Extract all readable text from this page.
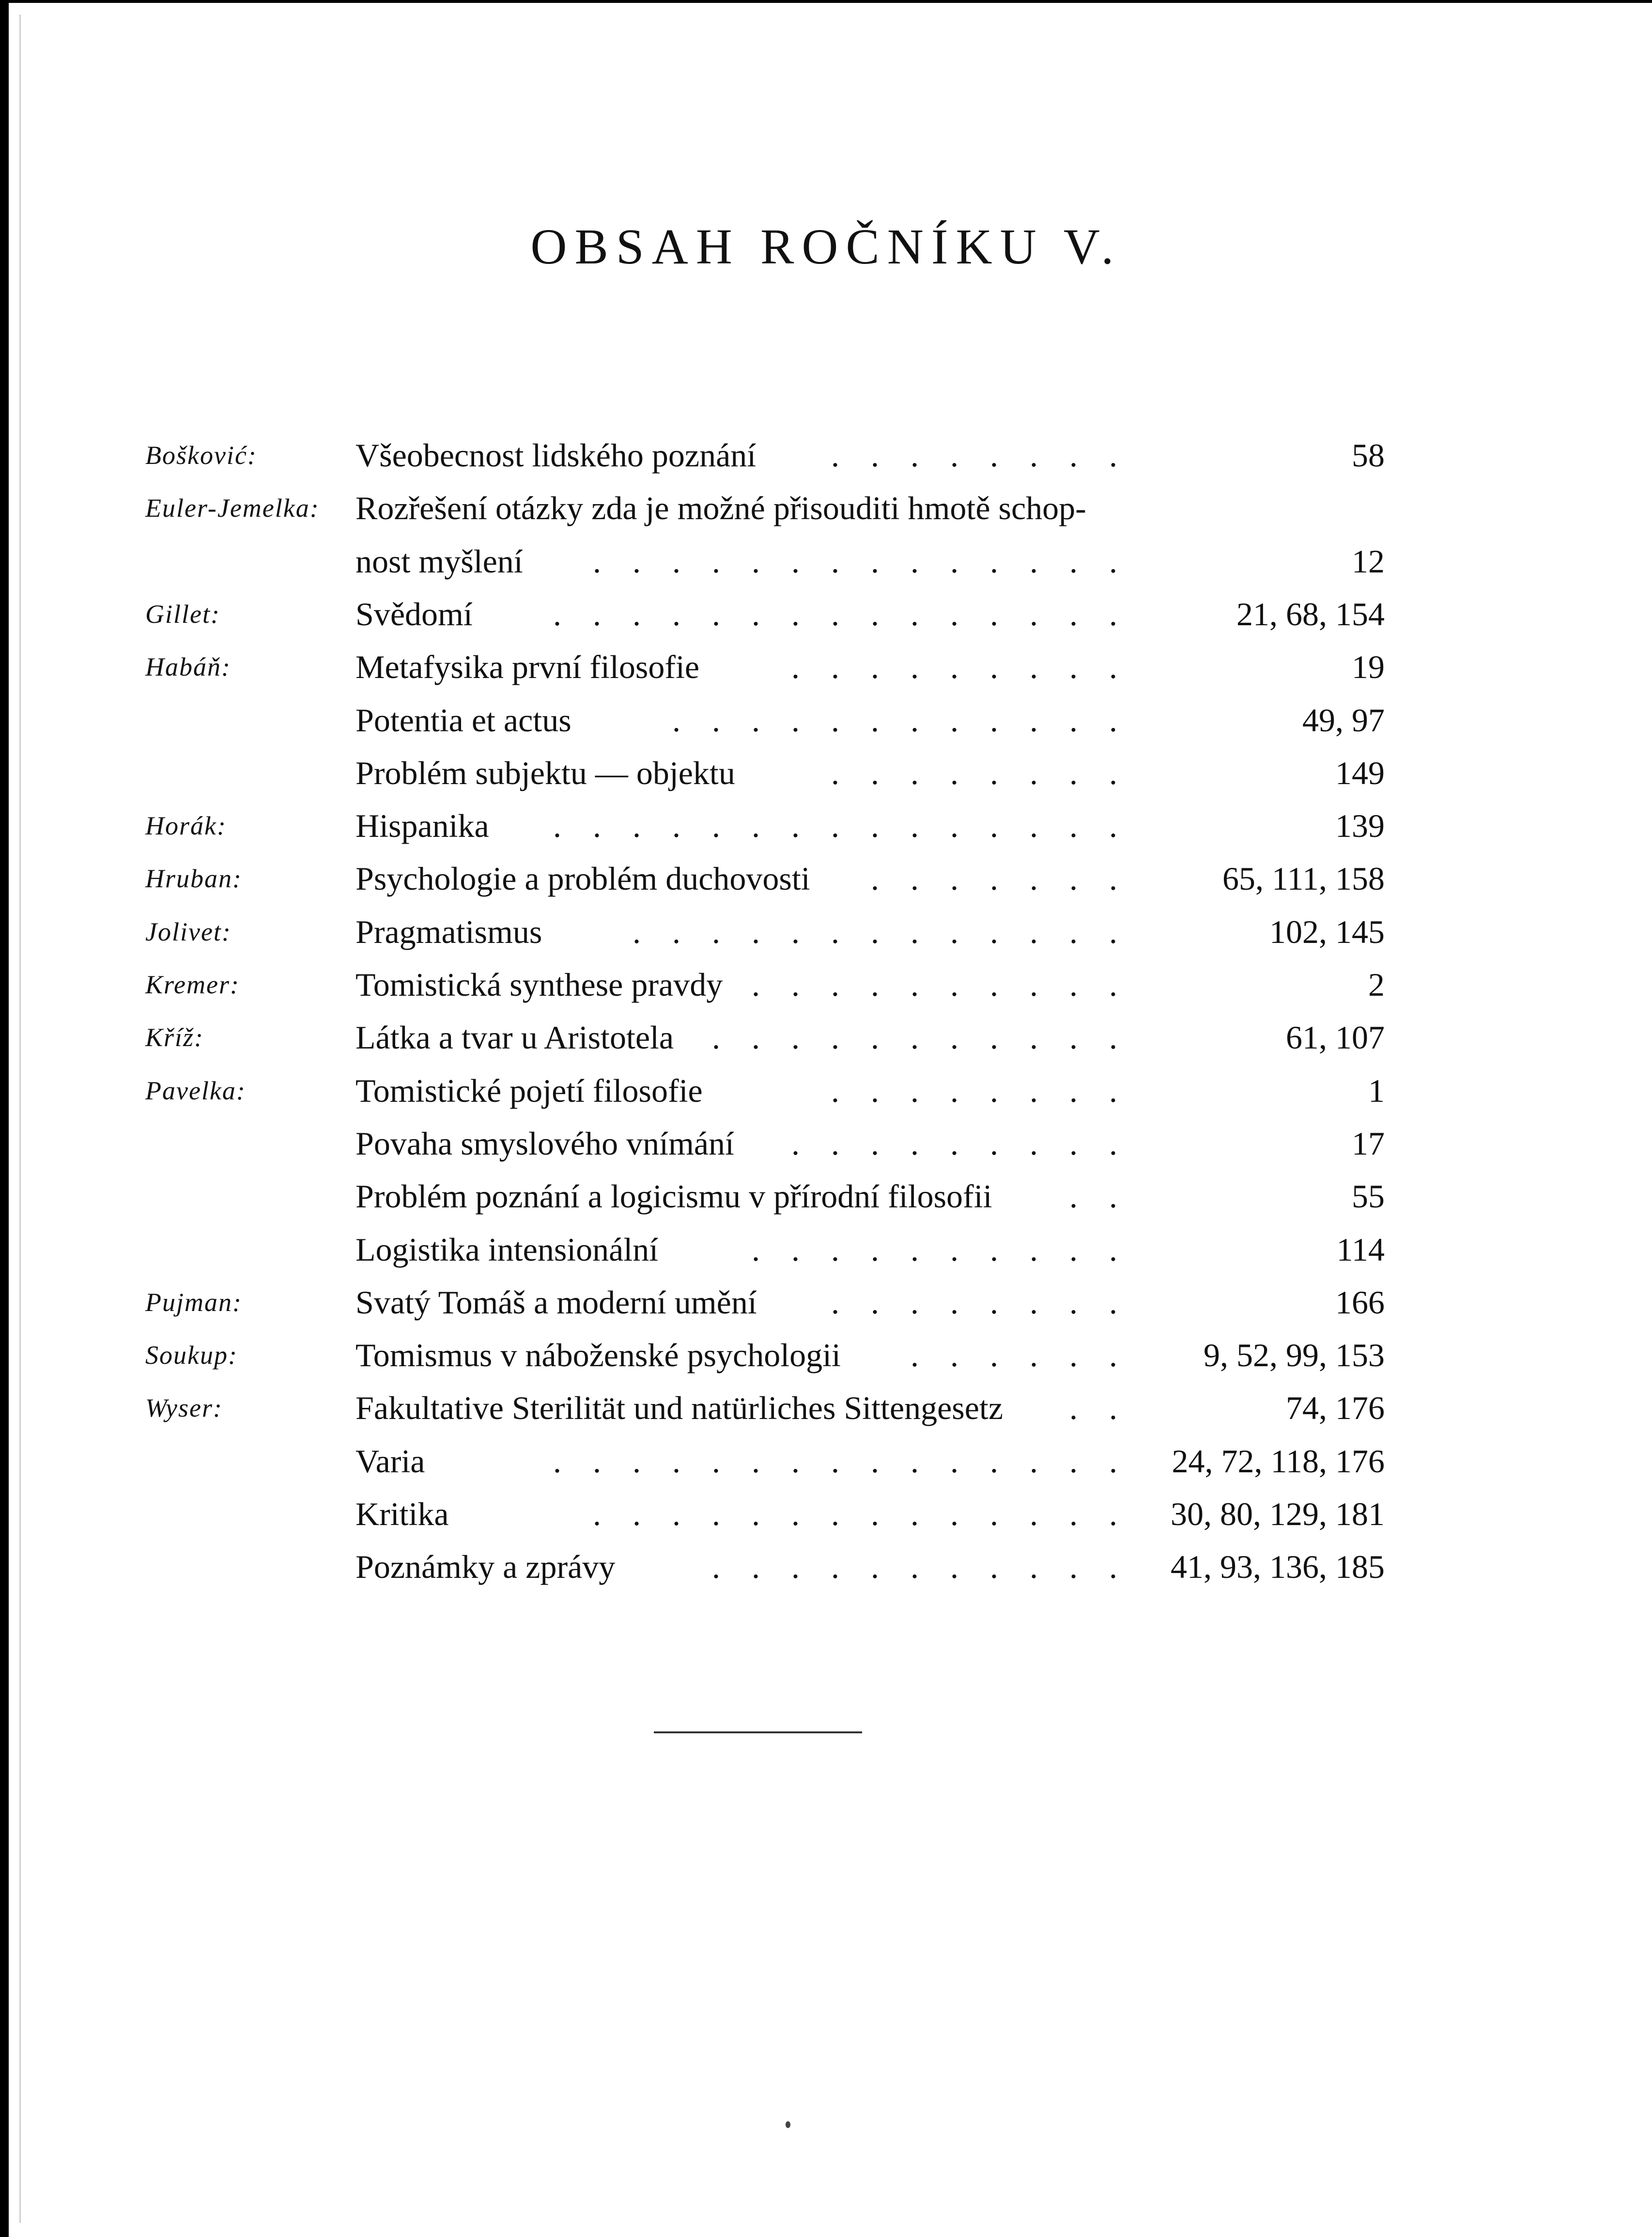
OBSAH ROČNÍKU V.
Bošković:	Všeobecnost lidského poznání . . . . . . . .	58
Euler-Jemelka: Rozřešení otázky zda je možné přisouditi hmotě schop-
nost myšlení . . . . . . . . . . . . . .	12
Gillet:	Svědomí . . . . . . . . . . . . . . .	21, 68, 154
Habáň:	Metafysika první filosofie	. . . . . . . . .	19
Potentia et actus	. . . . . . . . . . . .	49, 97
Problém subjektu — objektu	. . . . . . . .	149
Horák:	Hispanika . . . . . . . . . . . . . . .	139
Hruban:	Psychologie a problém duchovosti . . . . . . .	65, 111, 158
Jolivet:	Pragmatismus	. . . . . . . . . . . . .	102, 145
Kremer:	Tomistická synthese pravdy . . . . . . . . . .	2
Kříž:	Látka a tvar u Aristotela . . . . . . . . . . .	61, 107
Pavelka:	Tomistické pojetí filosofie	. . . . . . . .	1
Povaha smyslového vnímání . . . . . . . . .	17
Problém poznání a logicismu v přírodní filosofii . .	55
Logistika intensionální	. . . . . . . . . .	114
Pujman:	Svatý Tomáš a moderní umění . . . . . . . .	166
Soukup:	Tomismus v náboženské psychologii . . . . . . 9, 52, 99, 153
Wyser:	Fakultative Sterilität und natürliches Sittengesetz . .	74, 176
Varia	. . . . . . . . . . . . . . . 24, 72, 118, 176
Kritika	. . . . . . . . . . . . . . 30, 80, 129, 181
Poznámky a zprávy	. . . . . . . . . . . 41, 93, 136, 185
